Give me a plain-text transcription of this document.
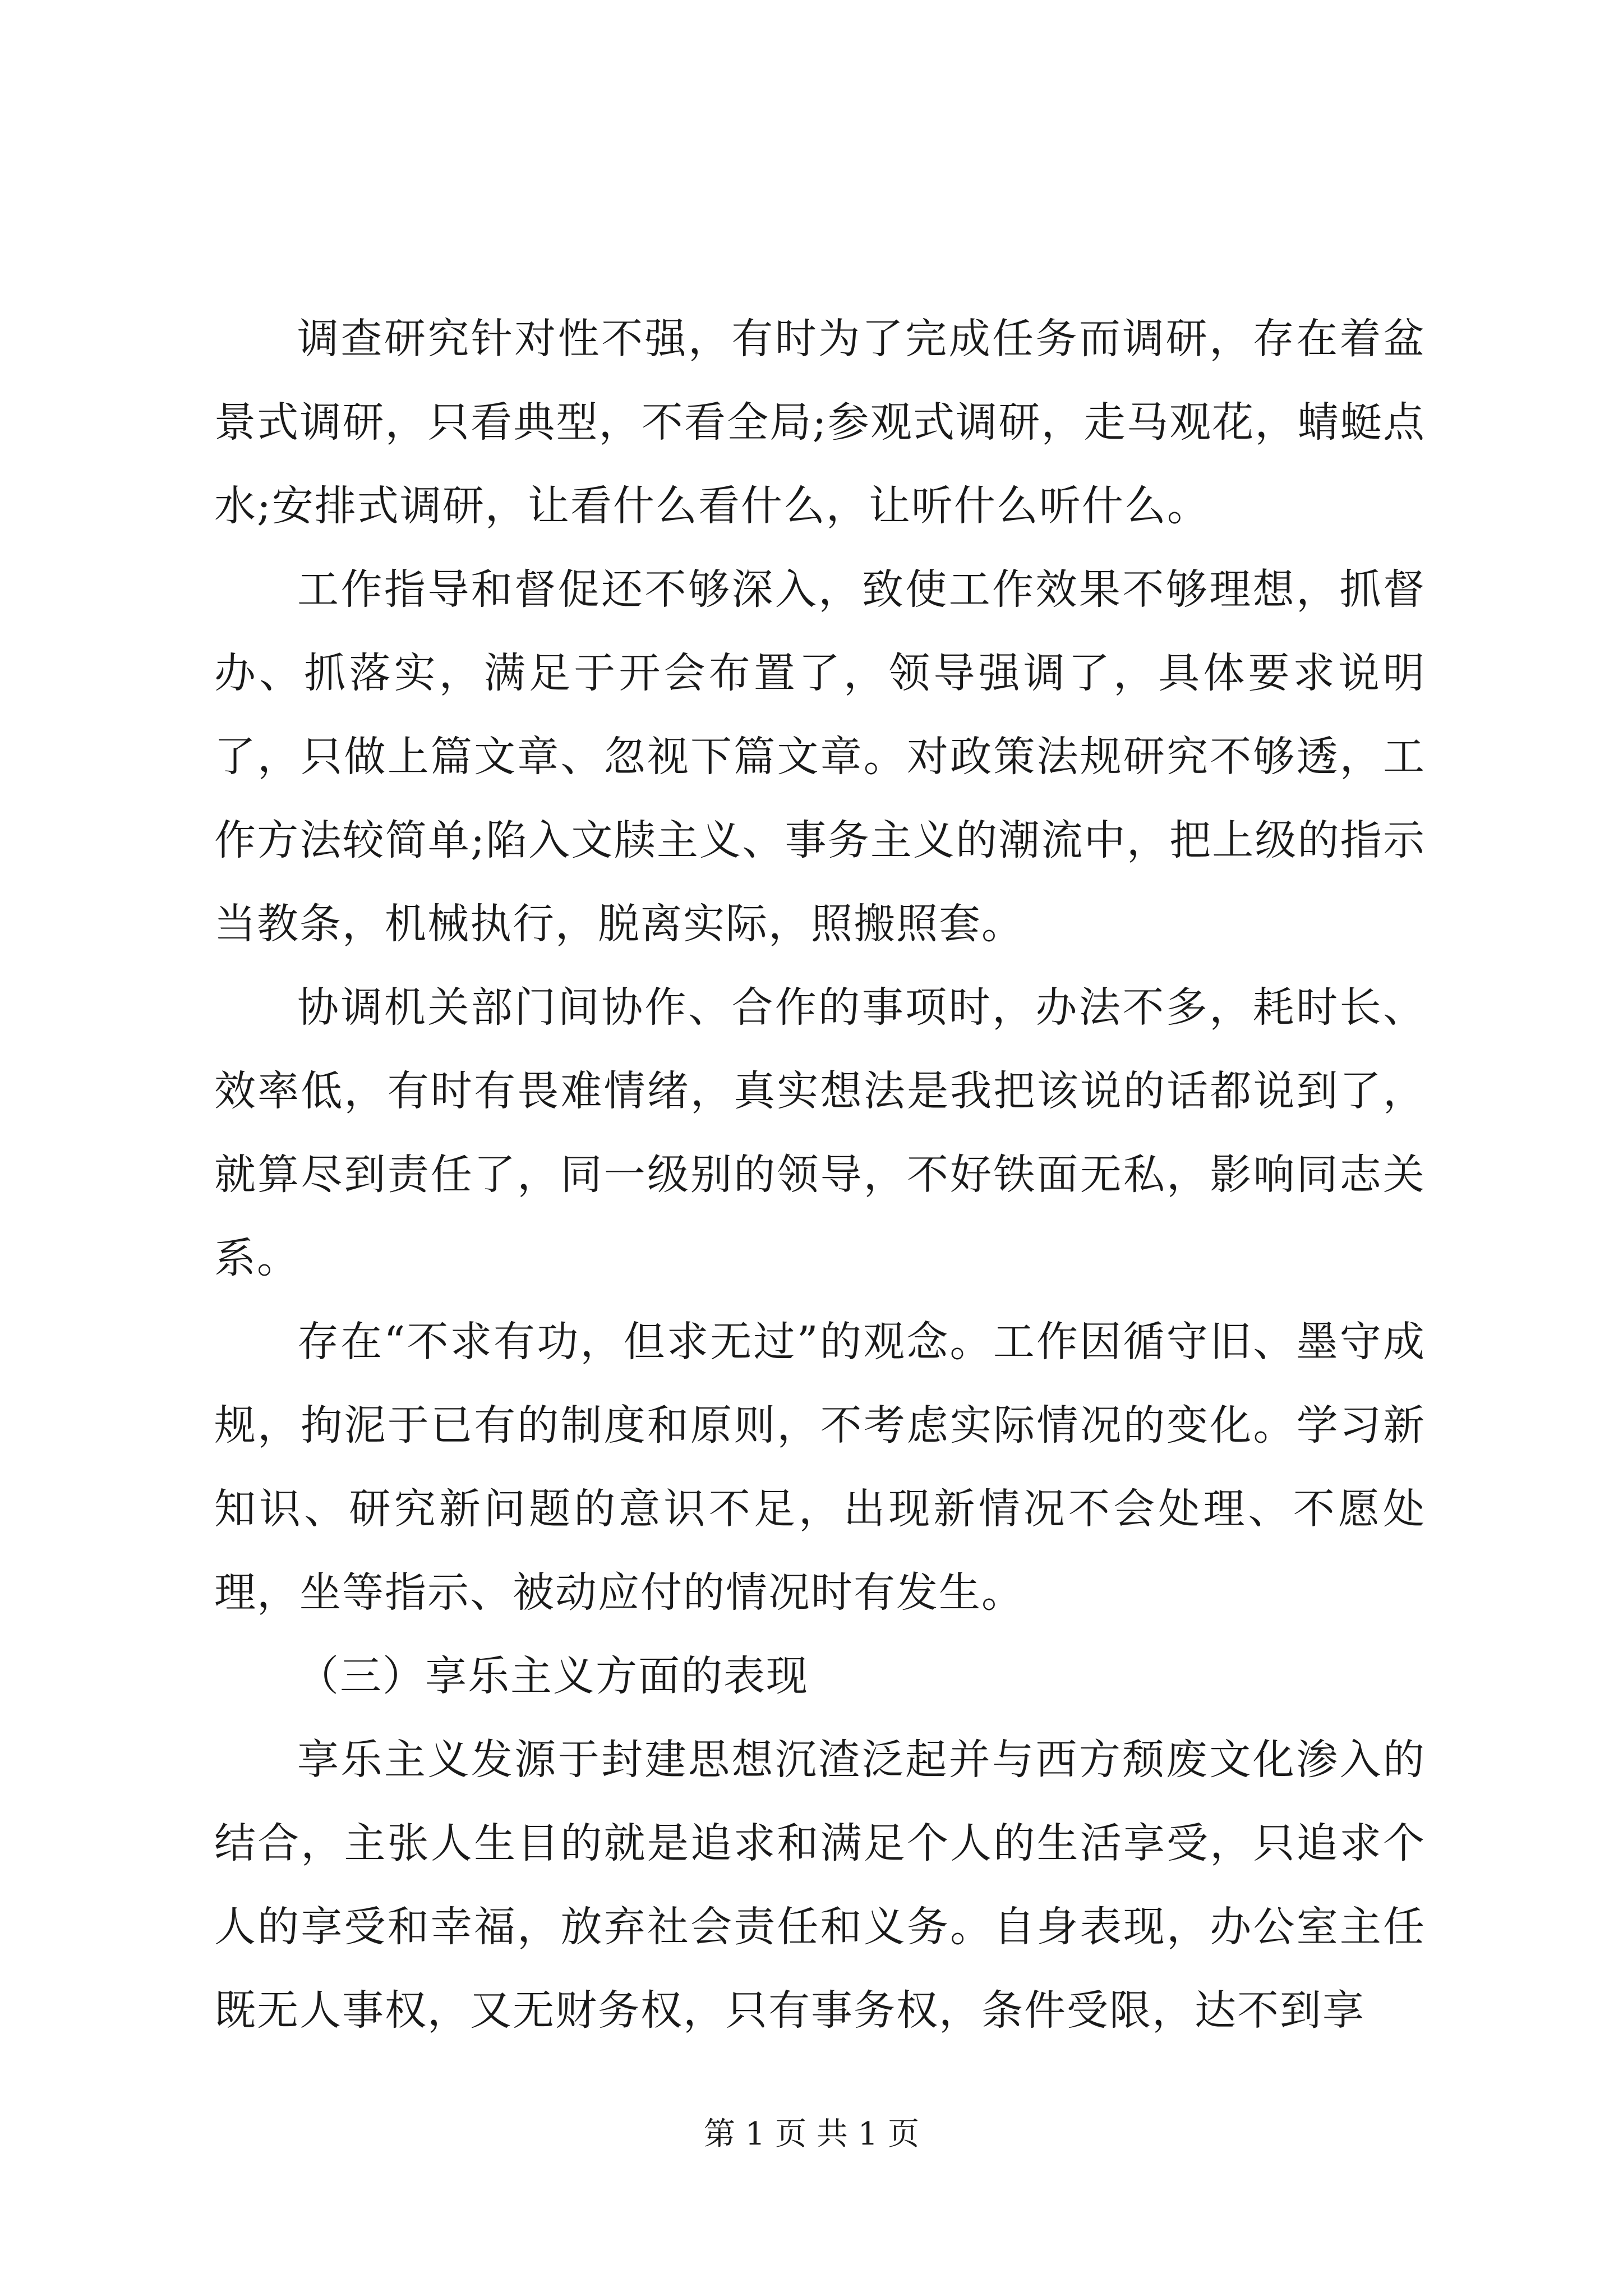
调查研究针对性不强，有时为了完成任务而调研，存在着盆景式调研，只看典型，不看全局;参观式调研，走马观花，蜻蜓点水;安排式调研，让看什么看什么，让听什么听什么。

工作指导和督促还不够深入，致使工作效果不够理想，抓督办、抓落实，满足于开会布置了，领导强调了，具体要求说明了，只做上篇文章、忽视下篇文章。对政策法规研究不够透，工作方法较简单;陷入文牍主义、事务主义的潮流中，把上级的指示当教条，机械执行，脱离实际，照搬照套。

协调机关部门间协作、合作的事项时，办法不多，耗时长、效率低，有时有畏难情绪，真实想法是我把该说的话都说到了，就算尽到责任了，同一级别的领导，不好铁面无私，影响同志关系。

存在“不求有功，但求无过”的观念。工作因循守旧、墨守成规，拘泥于已有的制度和原则，不考虑实际情况的变化。学习新知识、研究新问题的意识不足，出现新情况不会处理、不愿处理，坐等指示、被动应付的情况时有发生。

（三）享乐主义方面的表现

享乐主义发源于封建思想沉渣泛起并与西方颓废文化渗入的结合，主张人生目的就是追求和满足个人的生活享受，只追求个人的享受和幸福，放弃社会责任和义务。自身表现，办公室主任既无人事权，又无财务权，只有事务权，条件受限，达不到享

第 1 页 共 1 页
